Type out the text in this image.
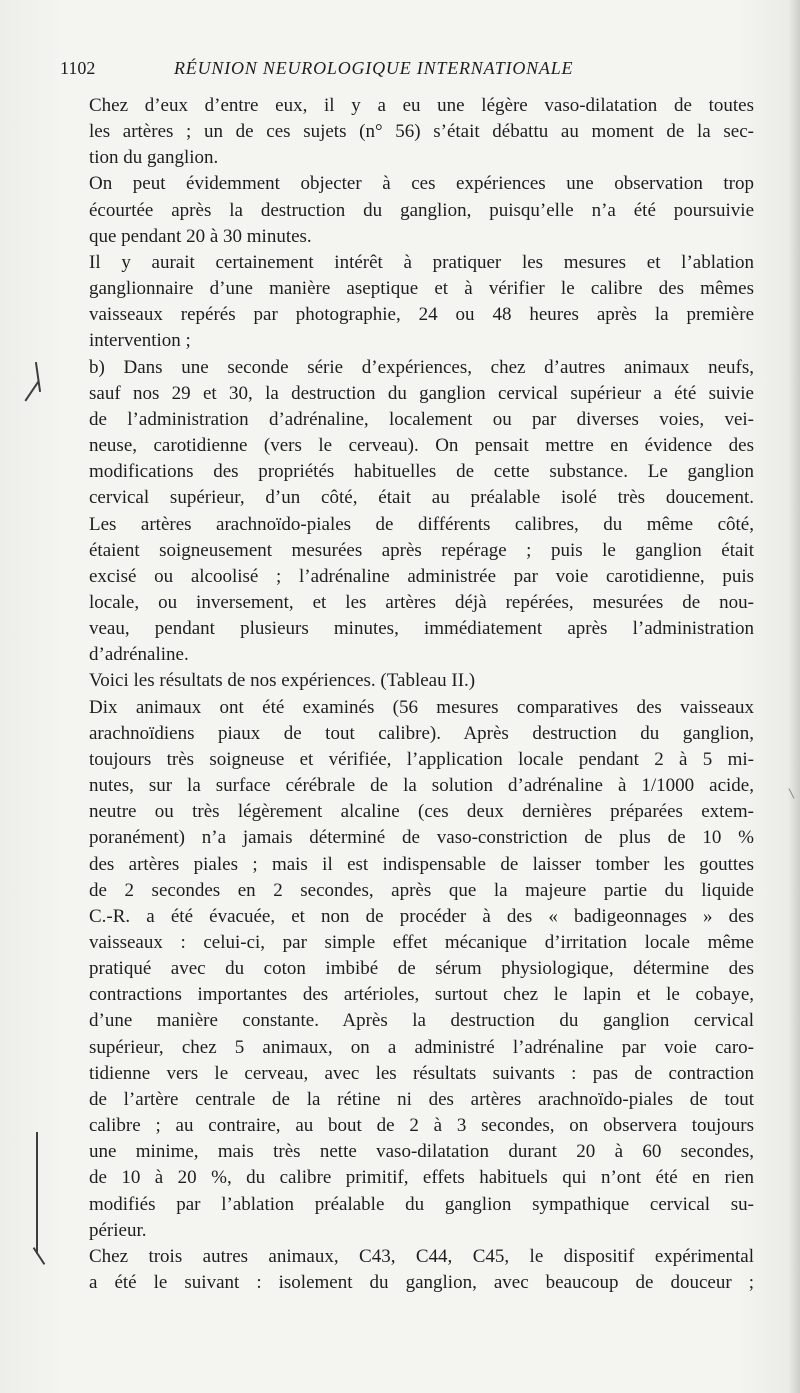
1102	RÉUNION NEUROLOGIQUE INTERNATIONALE

Chez d’eux d’entre eux, il y a eu une légère vaso-dilatation de toutes
les artères ; un de ces sujets (n° 56) s’était débattu au moment de la sec-
tion du ganglion.

On peut évidemment objecter à ces expériences une observation trop
écourtée après la destruction du ganglion, puisqu’elle n’a été poursuivie
que pendant 20 à 30 minutes.

Il y aurait certainement intérêt à pratiquer les mesures et l’ablation
ganglionnaire d’une manière aseptique et à vérifier le calibre des mêmes
vaisseaux repérés par photographie, 24 ou 48 heures après la première
intervention ;

b) Dans une seconde série d’expériences, chez d’autres animaux neufs,
sauf nos 29 et 30, la destruction du ganglion cervical supérieur a été suivie
de l’administration d’adrénaline, localement ou par diverses voies, vei-
neuse, carotidienne (vers le cerveau). On pensait mettre en évidence des
modifications des propriétés habituelles de cette substance. Le ganglion
cervical supérieur, d’un côté, était au préalable isolé très doucement.
Les artères arachnoïdo-piales de différents calibres, du même côté,
étaient soigneusement mesurées après repérage ; puis le ganglion était
excisé ou alcoolisé ; l’adrénaline administrée par voie carotidienne, puis
locale, ou inversement, et les artères déjà repérées, mesurées de nou-
veau, pendant plusieurs minutes, immédiatement après l’administration
d’adrénaline.

Voici les résultats de nos expériences. (Tableau II.)

Dix animaux ont été examinés (56 mesures comparatives des vaisseaux
arachnoïdiens piaux de tout calibre). Après destruction du ganglion,
toujours très soigneuse et vérifiée, l’application locale pendant 2 à 5 mi-
nutes, sur la surface cérébrale de la solution d’adrénaline à 1/1000 acide,
neutre ou très légèrement alcaline (ces deux dernières préparées extem-
poranément) n’a jamais déterminé de vaso-constriction de plus de 10 %
des artères piales ; mais il est indispensable de laisser tomber les gouttes
de 2 secondes en 2 secondes, après que la majeure partie du liquide
C.-R. a été évacuée, et non de procéder à des « badigeonnages » des
vaisseaux : celui-ci, par simple effet mécanique d’irritation locale même
pratiqué avec du coton imbibé de sérum physiologique, détermine des
contractions importantes des artérioles, surtout chez le lapin et le cobaye,
d’une manière constante. Après la destruction du ganglion cervical
supérieur, chez 5 animaux, on a administré l’adrénaline par voie caro-
tidienne vers le cerveau, avec les résultats suivants : pas de contraction
de l’artère centrale de la rétine ni des artères arachnoïdo-piales de tout
calibre ; au contraire, au bout de 2 à 3 secondes, on observera toujours
une minime, mais très nette vaso-dilatation durant 20 à 60 secondes,
de 10 à 20 %, du calibre primitif, effets habituels qui n’ont été en rien
modifiés par l’ablation préalable du ganglion sympathique cervical su-
périeur.

Chez trois autres animaux, C43, C44, C45, le dispositif expérimental
a été le suivant : isolement du ganglion, avec beaucoup de douceur ;
